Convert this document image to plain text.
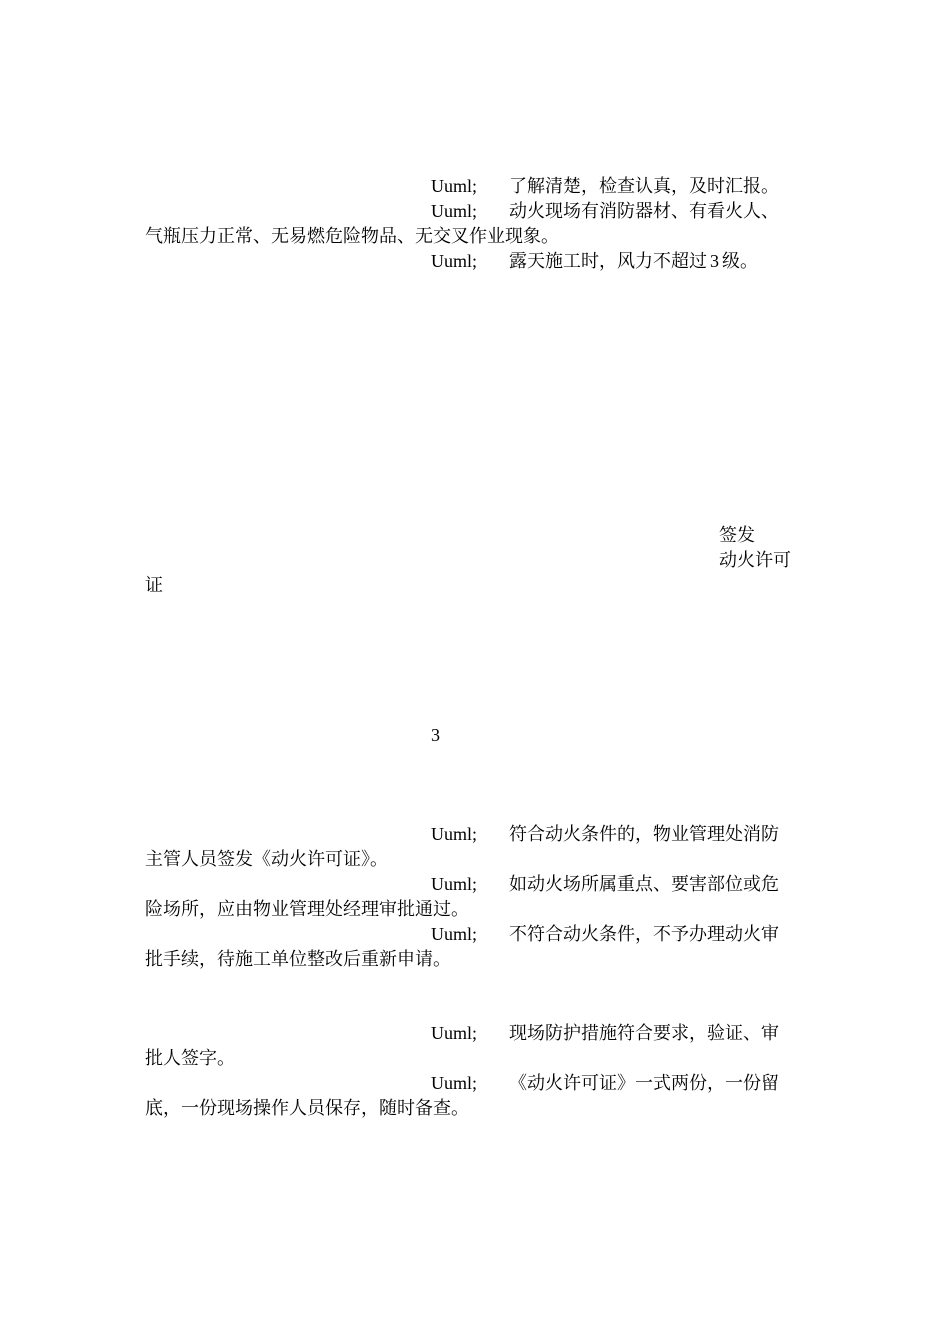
Uuml; 了解清楚，检查认真，及时汇报。
Uuml; 动火现场有消防器材、有看火人、
气瓶压力正常、无易燃危险物品、无交叉作业现象。
Uuml; 露天施工时，风力不超过 3 级。
签发
动火许可
证
3
Uuml; 符合动火条件的，物业管理处消防
主管人员签发《动火许可证》。
Uuml; 如动火场所属重点、要害部位或危
险场所，应由物业管理处经理审批通过。
Uuml; 不符合动火条件，不予办理动火审
批手续，待施工单位整改后重新申请。
Uuml; 现场防护措施符合要求，验证、审
批人签字。
Uuml; 《动火许可证》一式两份，一份留
底，一份现场操作人员保存，随时备查。
